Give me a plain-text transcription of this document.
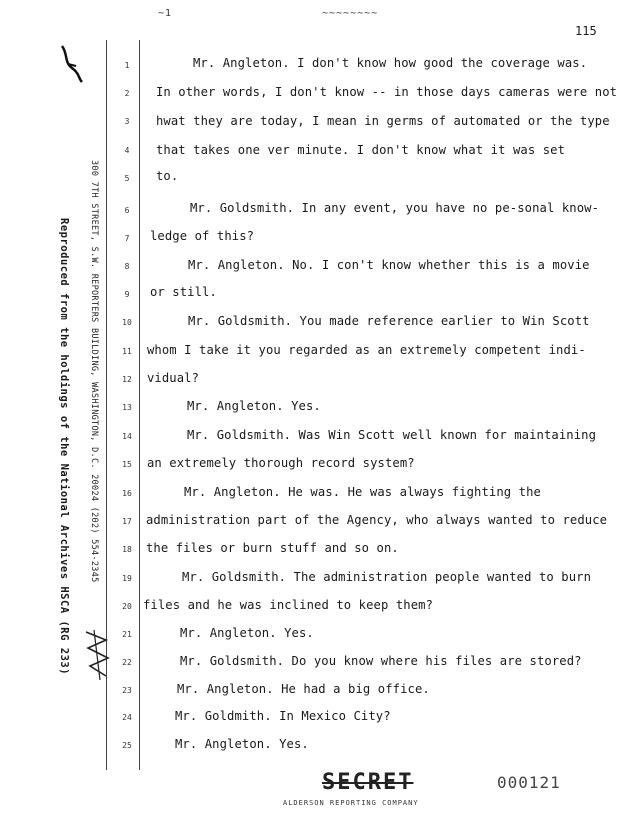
~1	~~~~~~~~
115
Reproduced from the holdings of the National Archives HSCA (RG 233) 300 7TH STREET, S.W. REPORTERS BUILDING, WASHINGTON, D.C. 20024 (202) 554-2345
1
2
3
4
5
6
7
8
9
10
11
12
13
14
15
16
17
18
19
20
21
22
23
24
25
Mr. Angleton. I don't know how good the coverage was.
In other words, I don't know -- in those days cameras were not
hwat they are today, I mean in germs of automated or the type
that takes one ver minute. I don't know what it was set
to.
Mr. Goldsmith. In any event, you have no pe-sonal know-
ledge of this?
Mr. Angleton. No. I con't know whether this is a movie
or still.
Mr. Goldsmith. You made reference earlier to Win Scott
whom I take it you regarded as an extremely competent indi-
vidual?
Mr. Angleton. Yes.
Mr. Goldsmith. Was Win Scott well known for maintaining
an extremely thorough record system?
Mr. Angleton. He was. He was always fighting the
administration part of the Agency, who always wanted to reduce
the files or burn stuff and so on.
Mr. Goldsmith. The administration people wanted to burn
files and he was inclined to keep them?
Mr. Angleton. Yes.
Mr. Goldsmith. Do you know where his files are stored?
Mr. Angleton. He had a big office.
Mr. Goldmith. In Mexico City?
Mr. Angleton. Yes.
SECRET	000121
ALDERSON REPORTING COMPANY
